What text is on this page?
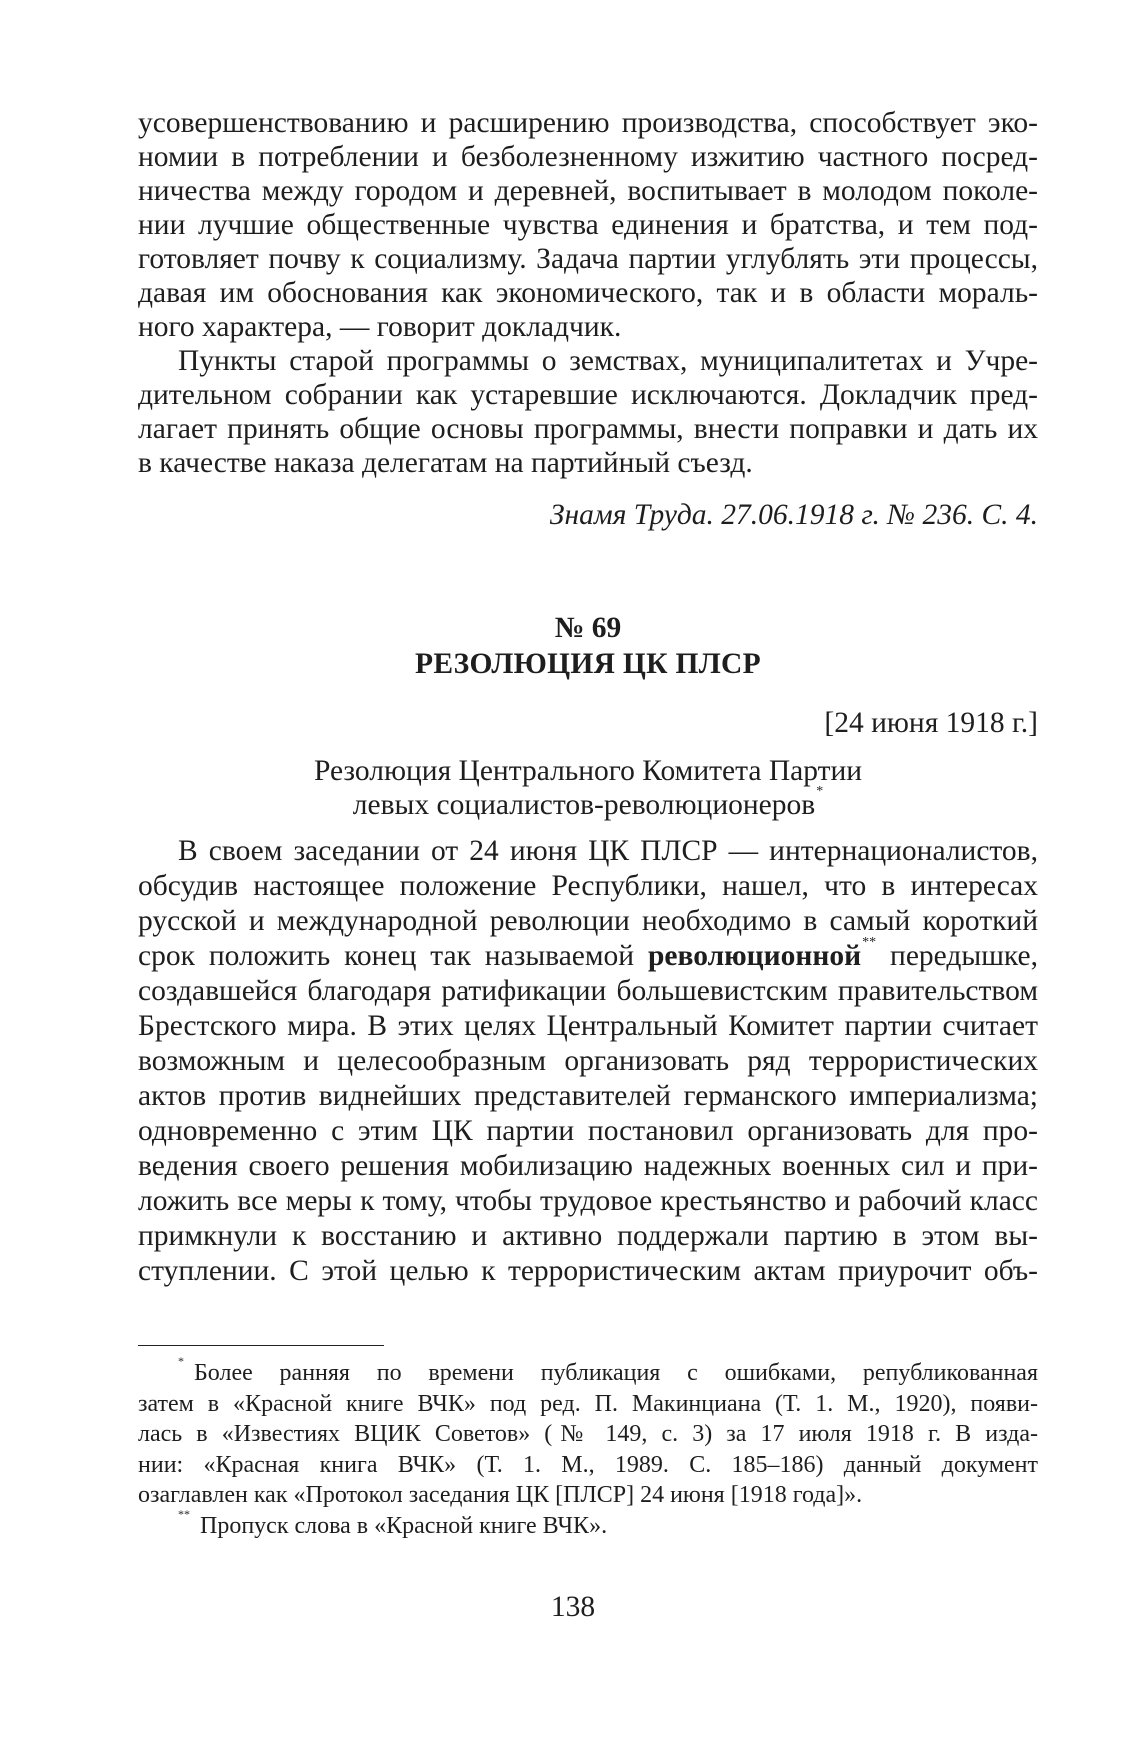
усовершенствованию и расширению производства, способствует эко-
номии в потреблении и безболезненному изжитию частного посред-
ничества между городом и деревней, воспитывает в молодом поколе-
нии лучшие общественные чувства единения и братства, и тем под-
готовляет почву к социализму. Задача партии углублять эти процессы,
давая им обоснования как экономического, так и в области мораль-
ного характера, — говорит докладчик.
Пункты старой программы о земствах, муниципалитетах и Учре-
дительном собрании как устаревшие исключаются. Докладчик пред-
лагает принять общие основы программы, внести поправки и дать их
в качестве наказа делегатам на партийный съезд.
Знамя Труда. 27.06.1918 г. № 236. С. 4.
№ 69
РЕЗОЛЮЦИЯ ЦК ПЛСР
[24 июня 1918 г.]
Резолюция Центрального Комитета Партии
левых социалистов-революционеров*
В своем заседании от 24 июня ЦК ПЛСР — интернационалистов,
обсудив настоящее положение Республики, нашел, что в интересах
русской и международной революции необходимо в самый короткий
срок положить конец так называемой революционной** передышке,
создавшейся благодаря ратификации большевистским правительством
Брестского мира. В этих целях Центральный Комитет партии считает
возможным и целесообразным организовать ряд террористических
актов против виднейших представителей германского империализма;
одновременно с этим ЦК партии постановил организовать для про-
ведения своего решения мобилизацию надежных военных сил и при-
ложить все меры к тому, чтобы трудовое крестьянство и рабочий класс
примкнули к восстанию и активно поддержали партию в этом вы-
ступлении. С этой целью к террористическим актам приурочит объ-
* Более ранняя по времени публикация с ошибками, републикованная
затем в «Красной книге ВЧК» под ред. П. Макинциана (Т. 1. М., 1920), появи-
лась в «Известиях ВЦИК Советов» (№ 149, с. 3) за 17 июля 1918 г. В изда-
нии: «Красная книга ВЧК» (Т. 1. М., 1989. С. 185–186) данный документ
озаглавлен как «Протокол заседания ЦК [ПЛСР] 24 июня [1918 года]».
** Пропуск слова в «Красной книге ВЧК».
138
